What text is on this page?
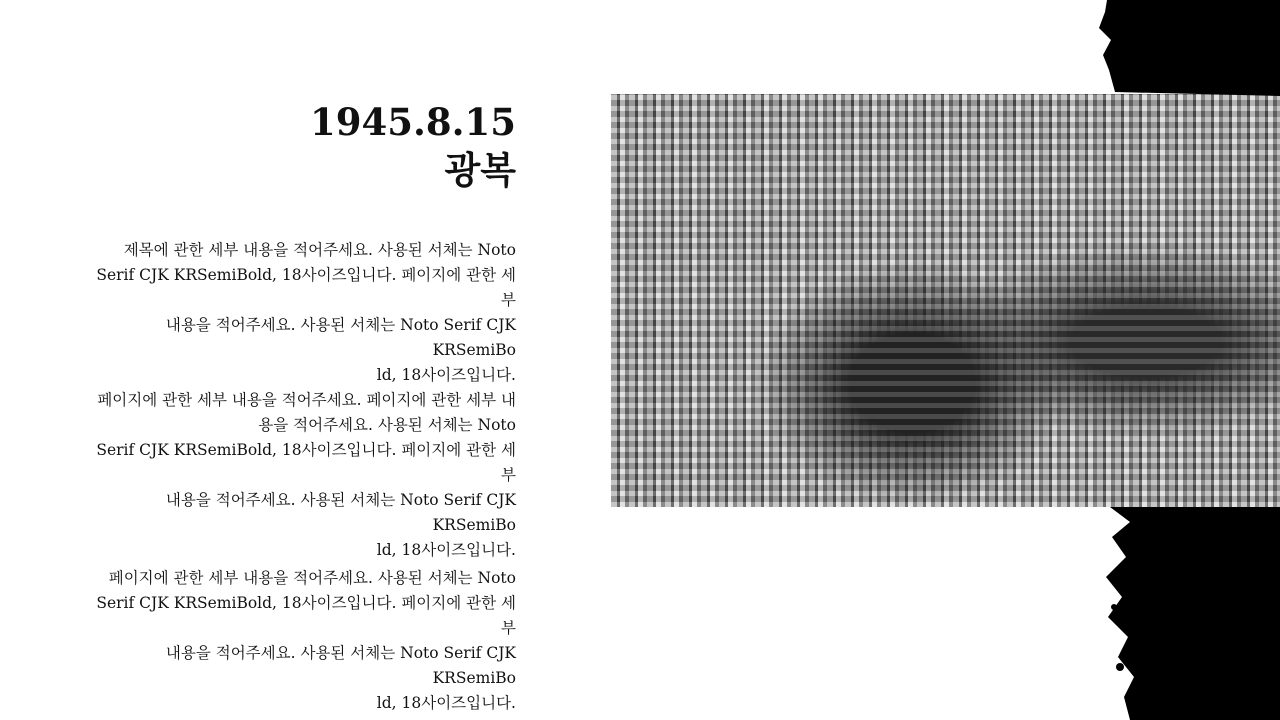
1945.8.15
광복
제목에 관한 세부 내용을 적어주세요. 사용된 서체는 Noto
Serif CJK KRSemiBold, 18사이즈입니다. 페이지에 관한 세
부
내용을 적어주세요. 사용된 서체는 Noto Serif CJK
KRSemiBo
ld, 18사이즈입니다.
페이지에 관한 세부 내용을 적어주세요. 페이지에 관한 세부 내
용을 적어주세요. 사용된 서체는 Noto
Serif CJK KRSemiBold, 18사이즈입니다. 페이지에 관한 세
부
내용을 적어주세요. 사용된 서체는 Noto Serif CJK
KRSemiBo
ld, 18사이즈입니다.
페이지에 관한 세부 내용을 적어주세요. 사용된 서체는 Noto
Serif CJK KRSemiBold, 18사이즈입니다. 페이지에 관한 세
부
내용을 적어주세요. 사용된 서체는 Noto Serif CJK
KRSemiBo
ld, 18사이즈입니다.
